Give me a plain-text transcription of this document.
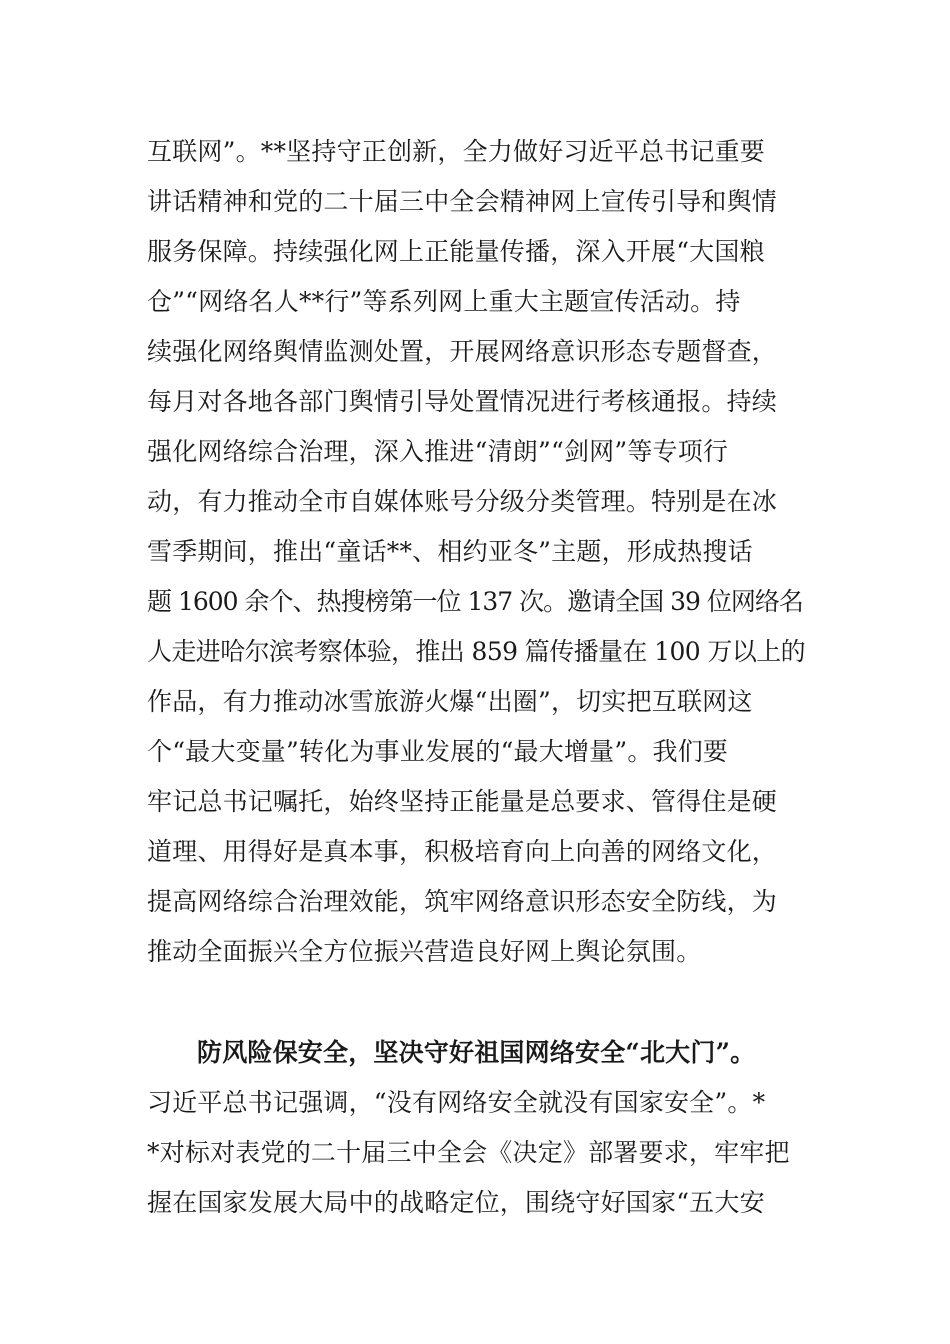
互联网”。**坚持守正创新，全力做好习近平总书记重要
讲话精神和党的二十届三中全会精神网上宣传引导和舆情
服务保障。持续强化网上正能量传播，深入开展“大国粮
仓”“网络名人**行”等系列网上重大主题宣传活动。持
续强化网络舆情监测处置，开展网络意识形态专题督查，
每月对各地各部门舆情引导处置情况进行考核通报。持续
强化网络综合治理，深入推进“清朗”“剑网”等专项行
动，有力推动全市自媒体账号分级分类管理。特别是在冰
雪季期间，推出“童话**、相约亚冬”主题，形成热搜话
题 1600 余个、热搜榜第一位 137 次。邀请全国 39 位网络名
人走进哈尔滨考察体验，推出 859 篇传播量在 100 万以上的
作品，有力推动冰雪旅游火爆“出圈”，切实把互联网这
个“最大变量”转化为事业发展的“最大增量”。我们要
牢记总书记嘱托，始终坚持正能量是总要求、管得住是硬
道理、用得好是真本事，积极培育向上向善的网络文化，
提高网络综合治理效能，筑牢网络意识形态安全防线，为
推动全面振兴全方位振兴营造良好网上舆论氛围。
防风险保安全，坚决守好祖国网络安全“北大门”。
习近平总书记强调，“没有网络安全就没有国家安全”。*
*对标对表党的二十届三中全会《决定》部署要求，牢牢把
握在国家发展大局中的战略定位，围绕守好国家“五大安
